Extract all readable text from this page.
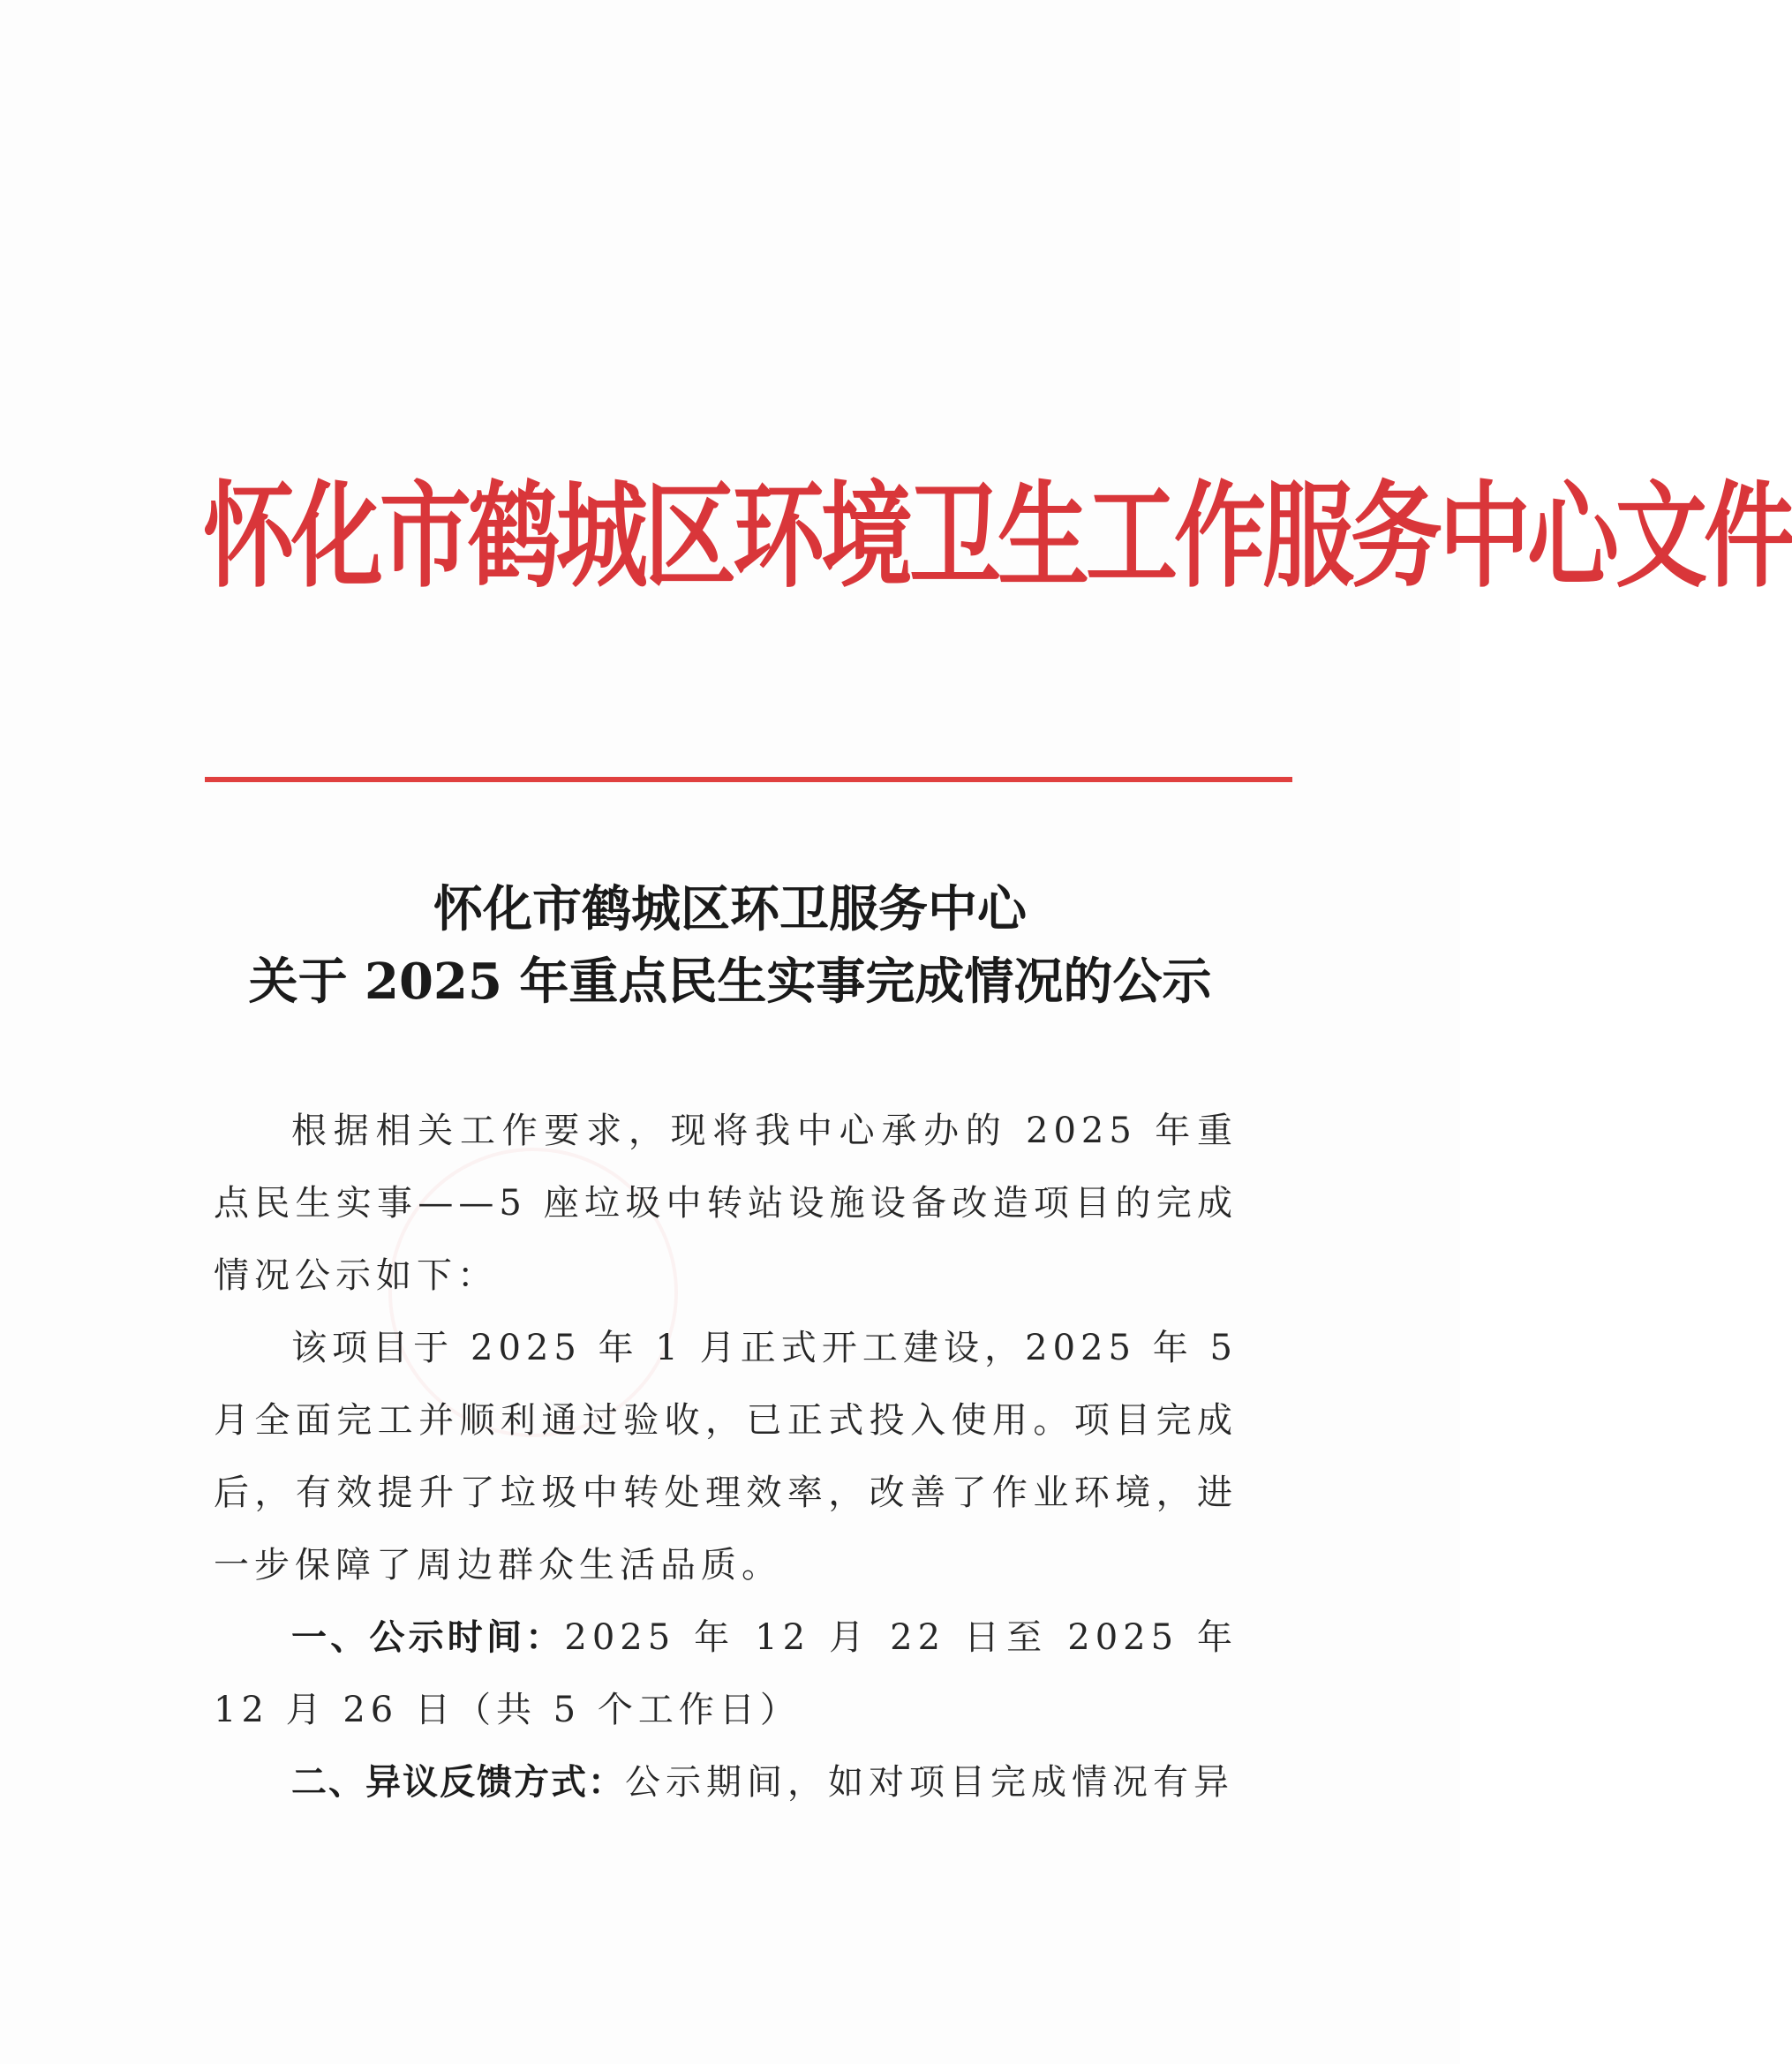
怀化市鹤城区环境卫生工作服务中心文件
怀化市鹤城区环卫服务中心
关于 2025 年重点民生实事完成情况的公示

根据相关工作要求，现将我中心承办的 2025 年重点民生实事——5 座垃圾中转站设施设备改造项目的完成情况公示如下：

该项目于 2025 年 1 月正式开工建设，2025 年 5 月全面完工并顺利通过验收，已正式投入使用。项目完成后，有效提升了垃圾中转处理效率，改善了作业环境，进一步保障了周边群众生活品质。

一、公示时间：2025 年 12 月 22 日至 2025 年 12 月 26 日（共 5 个工作日）

二、异议反馈方式：公示期间，如对项目完成情况有异
